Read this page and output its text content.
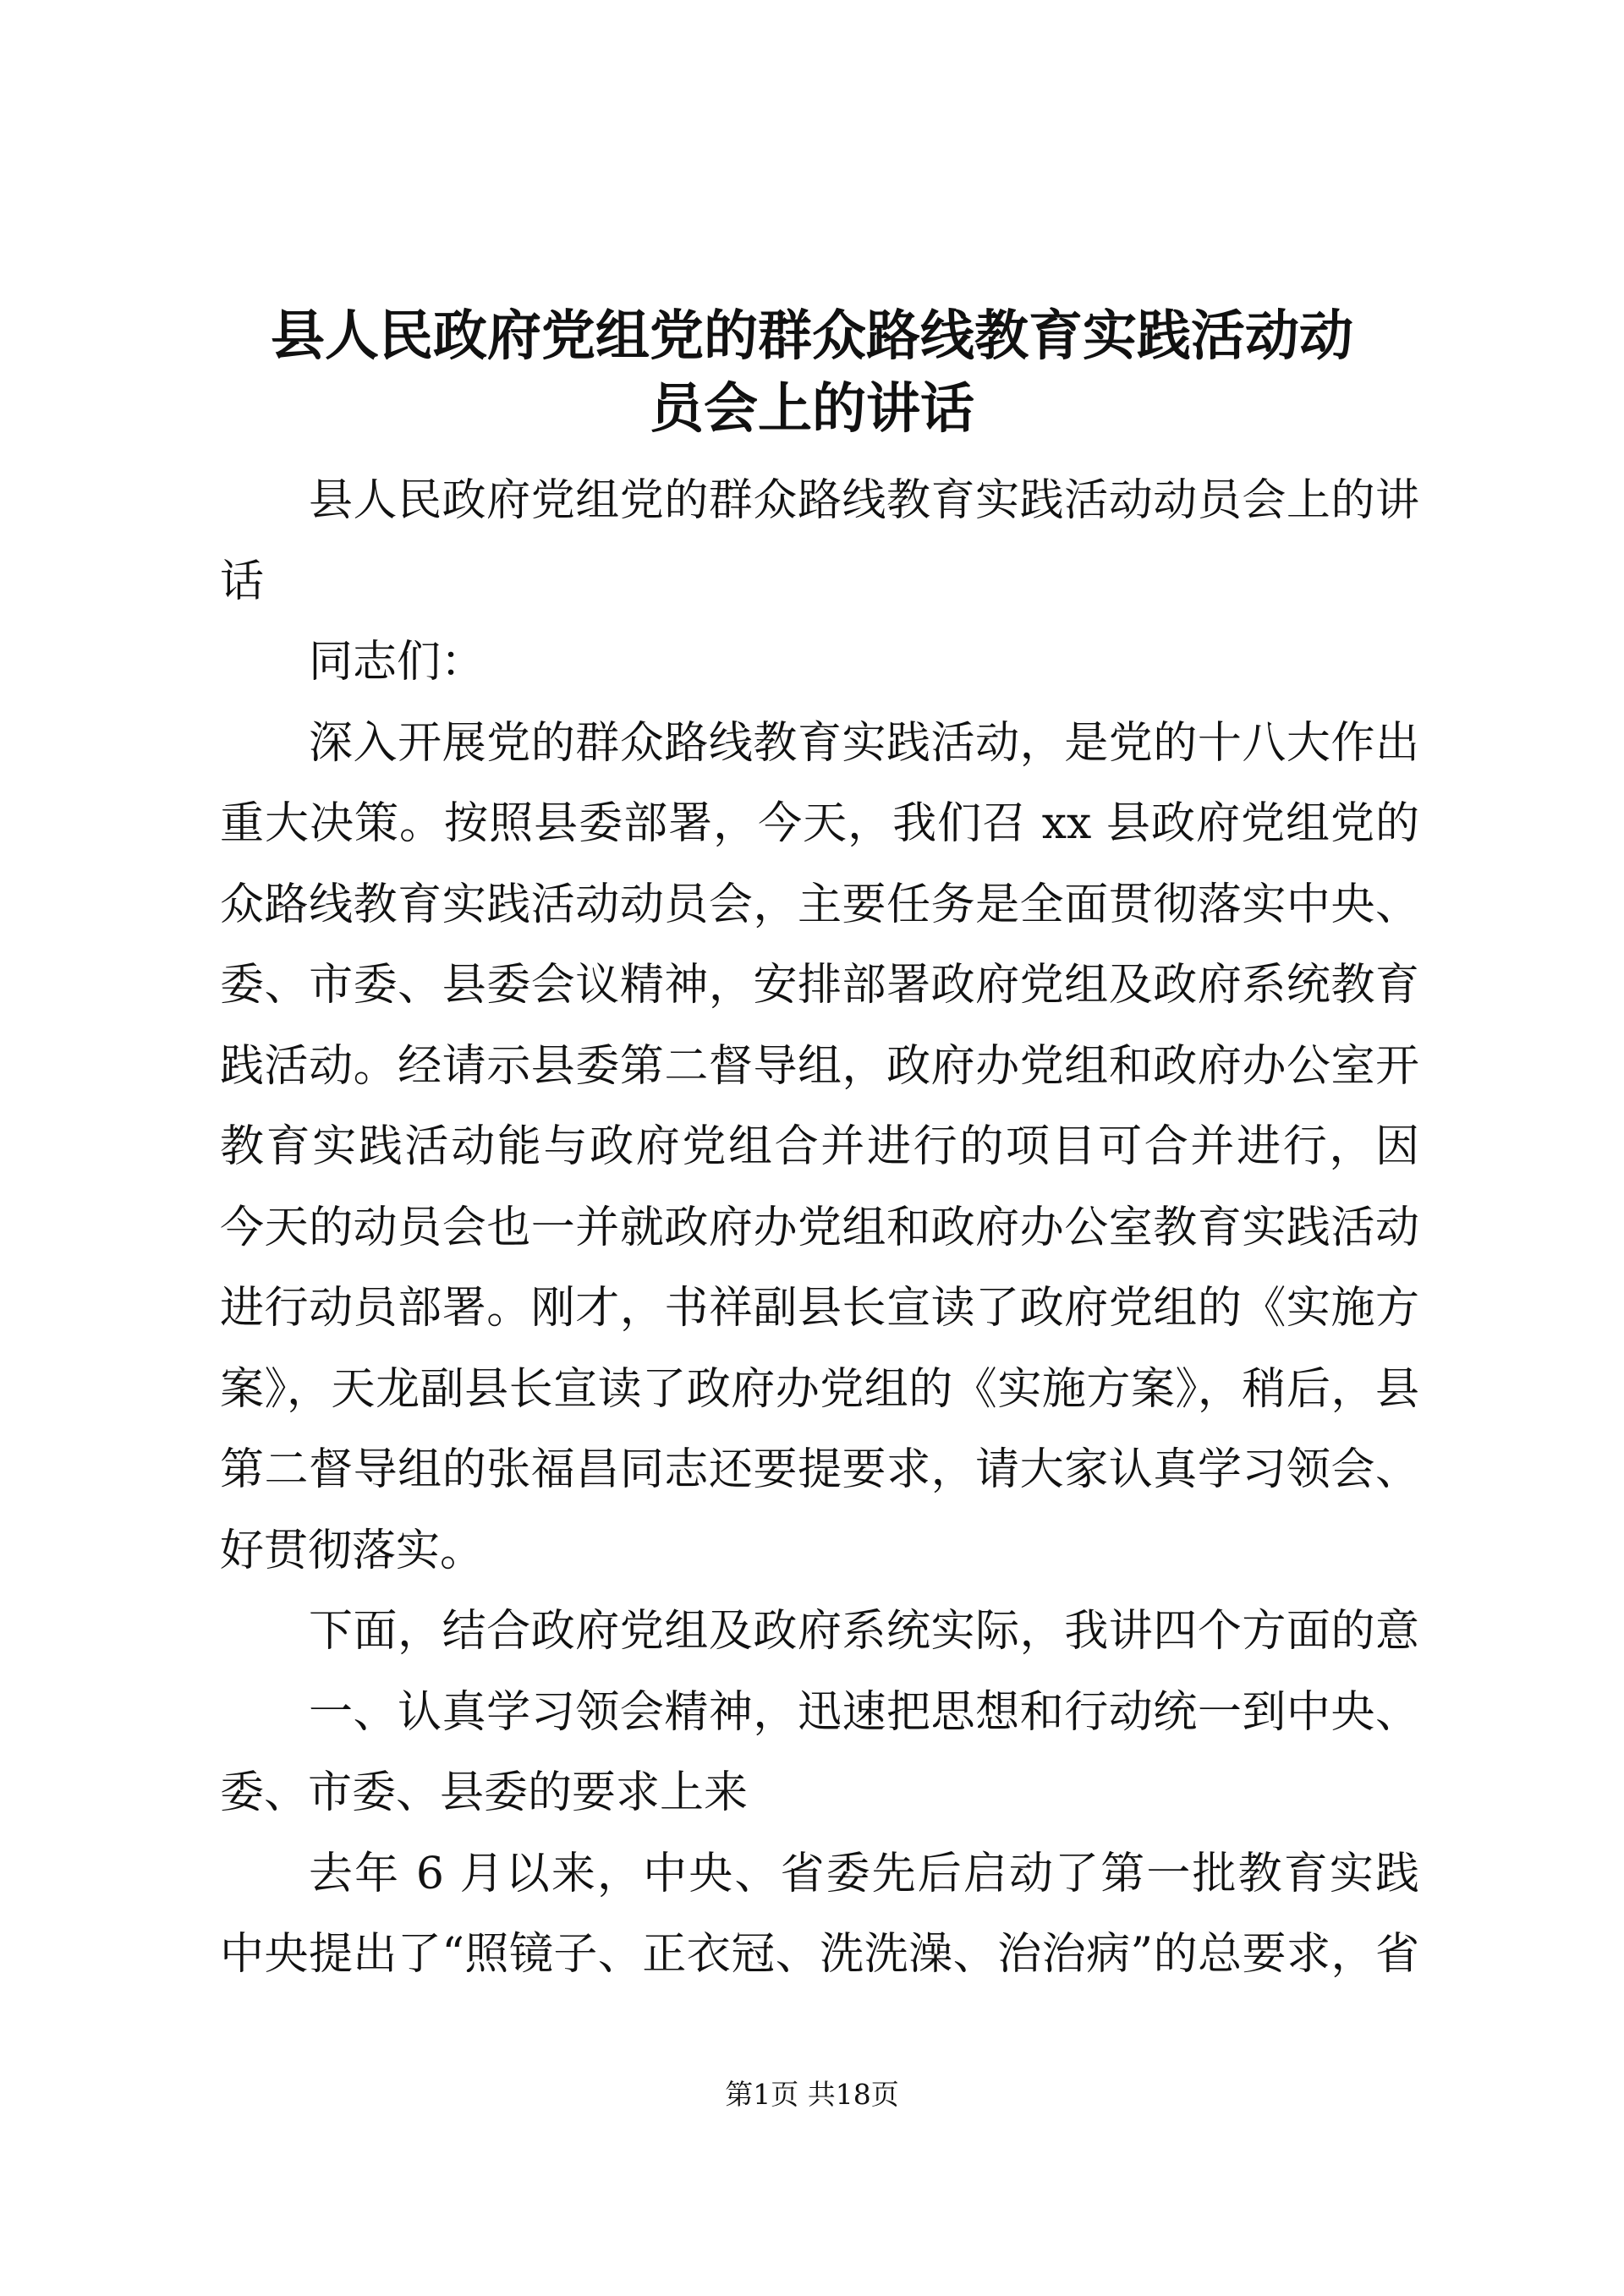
县人民政府党组党的群众路线教育实践活动动
员会上的讲话
县人民政府党组党的群众路线教育实践活动动员会上的讲
话
同志们：
深入开展党的群众路线教育实践活动，是党的十八大作出
重大决策。按照县委部署，今天，我们召 xx 县政府党组党的
众路线教育实践活动动员会，主要任务是全面贯彻落实中央、
委、市委、县委会议精神，安排部署政府党组及政府系统教育
践活动。经请示县委第二督导组，政府办党组和政府办公室开
教育实践活动能与政府党组合并进行的项目可合并进行，因
今天的动员会也一并就政府办党组和政府办公室教育实践活动
进行动员部署。刚才，书祥副县长宣读了政府党组的《实施方
案》，天龙副县长宣读了政府办党组的《实施方案》，稍后，县
第二督导组的张福昌同志还要提要求，请大家认真学习领会、
好贯彻落实。
下面，结合政府党组及政府系统实际，我讲四个方面的意
一、认真学习领会精神，迅速把思想和行动统一到中央、
委、市委、县委的要求上来
去年 6 月以来，中央、省委先后启动了第一批教育实践
中央提出了“照镜子、正衣冠、洗洗澡、治治病”的总要求，省
第1页 共18页
